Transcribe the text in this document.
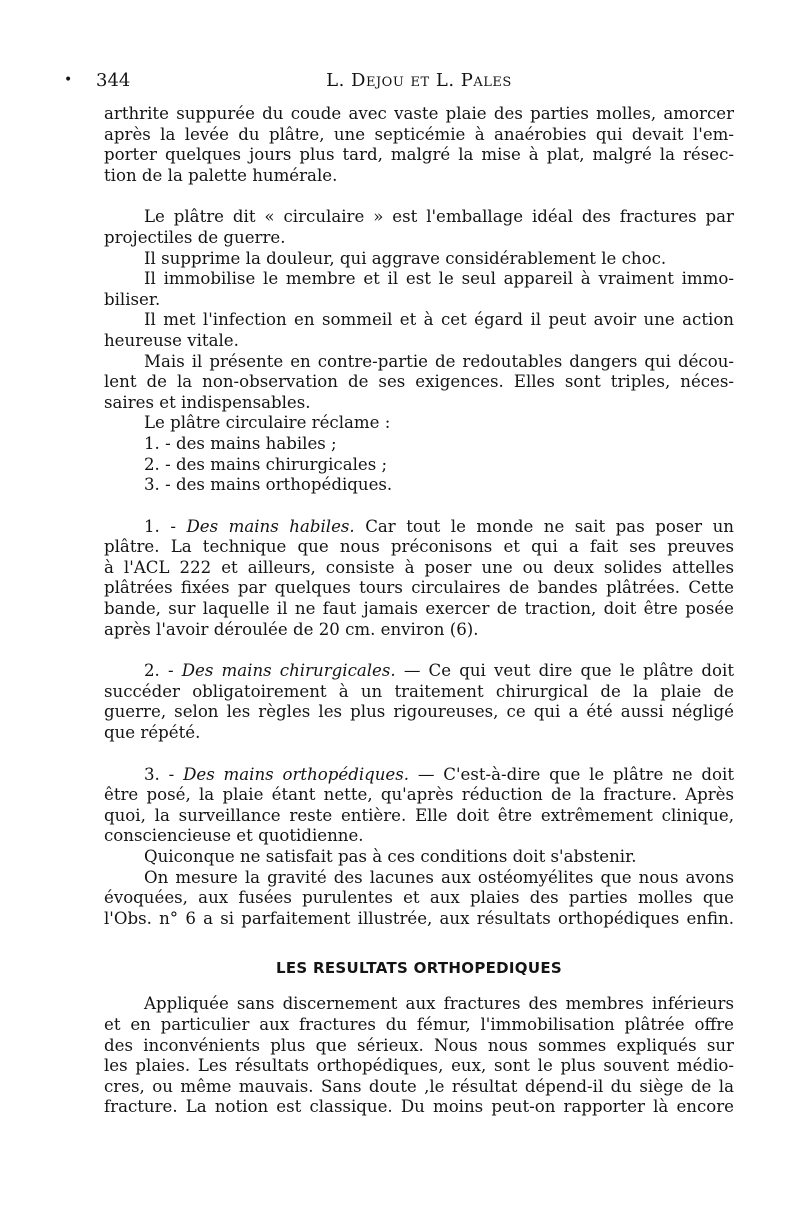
• 344	L. Dejou et L. Pales
arthrite suppurée du coude avec vaste plaie des parties molles, amorcer
après la levée du plâtre, une septicémie à anaérobies qui devait l'em-
porter quelques jours plus tard, malgré la mise à plat, malgré la résec-
tion de la palette humérale.
Le plâtre dit « circulaire » est l'emballage idéal des fractures par
projectiles de guerre.
Il supprime la douleur, qui aggrave considérablement le choc.
Il immobilise le membre et il est le seul appareil à vraiment immo-
biliser.
Il met l'infection en sommeil et à cet égard il peut avoir une action
heureuse vitale.
Mais il présente en contre-partie de redoutables dangers qui décou-
lent de la non-observation de ses exigences. Elles sont triples, néces-
saires et indispensables.
Le plâtre circulaire réclame :
1. - des mains habiles ;
2. - des mains chirurgicales ;
3. - des mains orthopédiques.
1. - Des mains habiles. Car tout le monde ne sait pas poser un
plâtre. La technique que nous préconisons et qui a fait ses preuves
à l'ACL 222 et ailleurs, consiste à poser une ou deux solides attelles
plâtrées fixées par quelques tours circulaires de bandes plâtrées. Cette
bande, sur laquelle il ne faut jamais exercer de traction, doit être posée
après l'avoir déroulée de 20 cm. environ (6).
2. - Des mains chirurgicales. — Ce qui veut dire que le plâtre doit
succéder obligatoirement à un traitement chirurgical de la plaie de
guerre, selon les règles les plus rigoureuses, ce qui a été aussi négligé
que répété.
3. - Des mains orthopédiques. — C'est-à-dire que le plâtre ne doit
être posé, la plaie étant nette, qu'après réduction de la fracture. Après
quoi, la surveillance reste entière. Elle doit être extrêmement clinique,
consciencieuse et quotidienne.
Quiconque ne satisfait pas à ces conditions doit s'abstenir.
On mesure la gravité des lacunes aux ostéomyélites que nous avons
évoquées, aux fusées purulentes et aux plaies des parties molles que
l'Obs. n° 6 a si parfaitement illustrée, aux résultats orthopédiques enfin.
LES RESULTATS ORTHOPEDIQUES
Appliquée sans discernement aux fractures des membres inférieurs
et en particulier aux fractures du fémur, l'immobilisation plâtrée offre
des inconvénients plus que sérieux. Nous nous sommes expliqués sur
les plaies. Les résultats orthopédiques, eux, sont le plus souvent médio-
cres, ou même mauvais. Sans doute ,le résultat dépend-il du siège de la
fracture. La notion est classique. Du moins peut-on rapporter là encore
